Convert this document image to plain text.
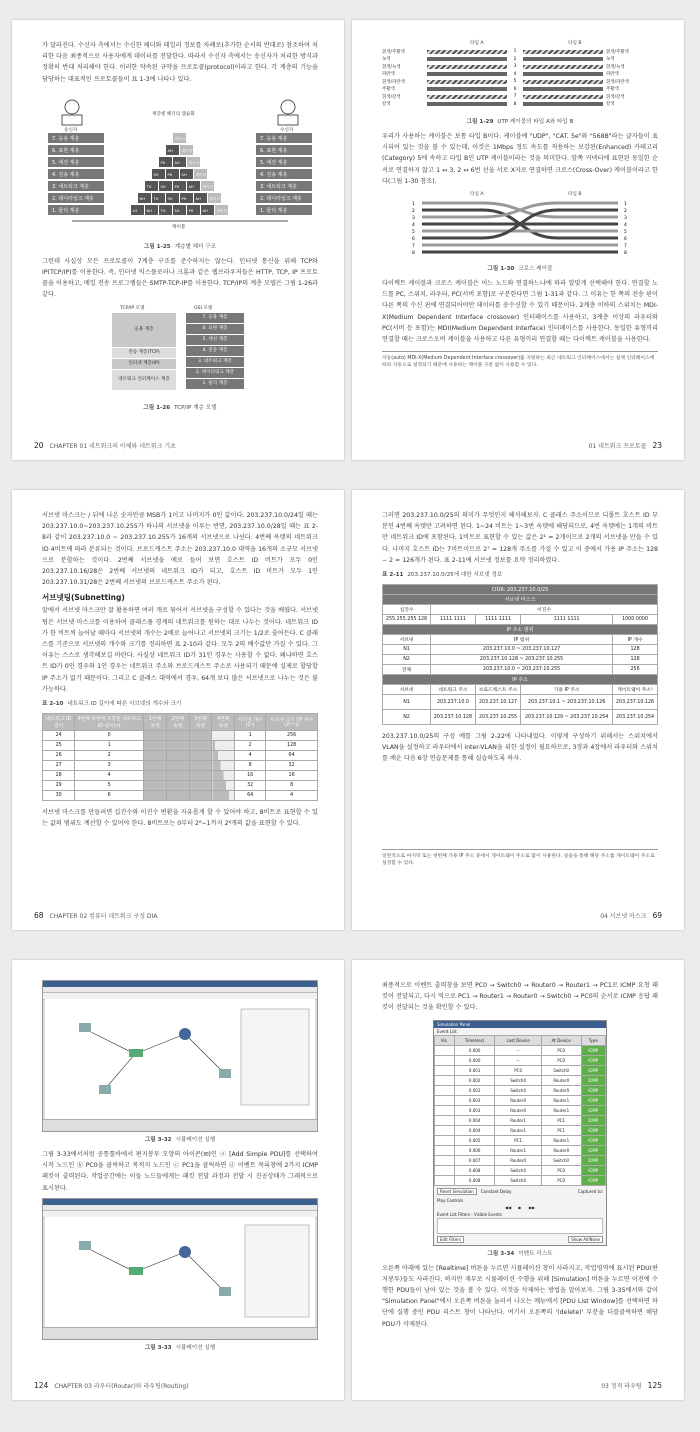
가 달라진다. 수신자 측에서는 수신한 헤더와 테일러 정보를 차례로(추가한 순서의 반대로) 참조하여 처리한 다음 최종적으로 사용자에게 데이터를 전달한다. 따라서 수신자 측에서는 송신자가 처리한 방식과 정확히 반대 처리해야 한다. 이러한 약속된 규약을 프로토콜(protocol)이라고 한다. 각 계층의 기능을 담당하는 대표적인 프로토콜들이 표 1-3에 나타나 있다.

7. 응용 계층
6. 표현 계층
5. 세션 계층
4. 전송 계층
3. 네트워크 계층
2. 데이터링크 계층
1. 물리 계층
7. 응용 계층
6. 표현 계층
5. 세션 계층
4. 전송 계층
3. 네트워크 계층
2. 데이터링크 계층
1. 물리 계층
데이터
AH 데이터
PH	AH 데이터
SH	PH	AH 데이터
TH	SH	PH	AH 데이터
NH TH	SH	PH	AH 데이터
LH	NH TH	SH	PH	AH 데이터
송신자	수신자
계층별 헤더의 캡슐화
케이블
그림 1-25 계층별 헤더 구조

그런데 사실상 모든 프로토콜이 7계층 구조를 준수하지는 않는다. 인터넷 통신을 위해 TCP와 IP(TCP/IP)를 이용한다. 즉, 인터넷 익스플로러나 크롬과 같은 웹브라우저들은 HTTP, TCP, IP 프로토콜을 이용하고, 메일 전송 프로그램들은 SMTP-TCP-IP를 이용한다. TCP/IP의 계층 모델은 그림 1-26과 같다.

TCP/IP 모델	OSI 모델
응용 계층
전송 계층(TCP)
인터넷 계층(IP)
네트워크 인터페이스 계층
7. 응용 계층
6. 표현 계층
5. 세션 계층
4. 전송 계층
3. 네트워크 계층
2. 데이터링크 계층
1. 물리 계층
그림 1-26 TCP/IP 계층 모델
20 CHAPTER 01 네트워크의 이해와 네트워크 기초
타입 A	타입 B
흰색/주황색	1	흰색/주황색
녹색	2	녹색
흰색/녹색	3	흰색/녹색
파란색	4	파란색
흰색/파란색	5	흰색/파란색
주황색	6	주황색
흰색/갈색	7	흰색/갈색
갈색	8	갈색
그림 1-29 UTP 케이블의 타입 A와 타입 B

우리가 사용하는 케이블은 보통 타입 B이다. 케이블에 "UDP", "CAT. 5e"와 "568B"라는 글자들이 표시되어 있는 것을 볼 수 있는데, 이것은 1Mbps 정도 속도를 적용하는 보강된(Enhanced) 카테고리(Category) 5에 속하고 타입 B인 UTP 케이블이라는 것을 의미한다. 앞쪽 커넥터에 표현된 동일한 순서로 연결하지 않고 1 ↔ 3, 2 ↔ 6번 선을 서로 X자로 연결하면 크로스(Cross-Over) 케이블이라고 한다(그림 1-30 참조).

타입 A	타입 B
1	1
2	2
3	3
4	4
5	5
6	6
7	7
8	8
그림 1-30 크로스 케이블

다이렉트 케이블과 크로스 케이블은 어느 노드와 연결하느냐에 따라 알맞게 선택해야 한다. 연결할 노드를 PC, 스위치, 라우터, PC(서버 포함)로 구분한다면 그림 1-31과 같다. 그 이유는 한 쪽의 전송 핀이 다른 쪽의 수신 핀에 연결되어야만 데이터를 송수신할 수 있기 때문이다. 2계층 이하의 스위치는 MDI-X(Medium Dependent Interface crossover) 인터페이스를 사용하고, 3계층 이상의 라우터와 PC(서버 등 포함)는 MDI(Medium Dependent Interface) 인터페이스를 사용한다. 동일한 유형끼리 연결할 때는 크로스오버 케이블을 사용하고 다른 유형끼리 연결할 때는 다이렉트 케이블을 사용한다.

자동(auto) MDI-X(Medium Dependent Interface crossover)를 지원하는 최근 네트워크 인터페이스에서는 실제 인터페이스에 따라 자동으로 설정되기 때문에 사용하는 케이블 구분 없이 사용할 수 있다.
01 네트워크 프로토콜 23

서브넷 마스크는 / 뒤에 나온 숫자만큼 MSB가 1이고 나머지가 0인 값이다. 203.237.10.0/24일 때는 203.237.10.0~203.237.10.255가 하나의 서브넷을 이루는 반면, 203.237.10.0/28일 때는 표 2-8과 같이 203.237.10.0 ~ 203.237.10.255가 16개의 서브넷으로 나뉜다. 4번째 옥텟의 네트워크 ID 4비트에 따라 분류되는 것이다. 브로드캐스트 주소는 203.237.10.0 대역을 16개의 소규모 서브넷으로 분할하는 것이다. 2번째 서브넷을 예로 들어 보면 호스트 ID 비트가 모두 0인 203.237.10.16/28은 2번째 서브넷의 네트워크 ID가 되고, 호스트 ID 비트가 모두 1인 203.237.10.31/28은 2번째 서브넷의 브로드캐스트 주소가 된다.

서브넷팅(Subnetting)

앞에서 서브넷 마스크만 잘 활용하면 여러 개로 묶어서 서브넷을 구성할 수 있다는 것을 배웠다. 서브넷팅은 서브넷 마스크를 이용하여 클래스풀 경계의 네트워크를 원하는 대로 나누는 것이다. 네트워크 ID가 한 비트씩 늘어날 때마다 서브넷의 개수는 2배로 늘어나고 서브넷의 크기는 1/2로 줄어든다. C 클래스를 기준으로 서브넷의 개수와 크기를 정리하면 표 2-10과 같다. 모두 2의 배수값만 가질 수 있다. 그 이유는 스스로 생각해보길 바란다. 사실상 네트워크 ID가 31인 경우는 사용할 수 없다. 왜냐하면 호스트 ID가 0인 경우와 1인 경우는 네트워크 주소와 브로드캐스트 주소로 사용되기 때문에 실제로 할당할 IP 주소가 없기 때문이다. 그리고 C 클래스 대역에서 경우, 64개 보다 많은 서브넷으로 나누는 것은 불가능하다.

표 2-10 네트워크 ID 길이에 따른 서브넷의 개수와 크기
네트워크 ID 길이	4번째 옥텟에 포함된 네트워크 ID 길이(n)	1번째 옥텟	2번째 옥텟	3번째 옥텟	4번째 옥텟	서브넷 개수(2ⁿ)	서브넷 크기 (IP 개수 (2⁸⁻ⁿ))
24	0					1	256
25	1					2	128
26	2					4	64
27	3					8	32
28	4					16	16
29	5					32	8
30	6					64	4

서브넷 마스크를 만들려면 십진수와 이진수 변환을 자유롭게 할 수 있어야 하고, 8비트로 표현할 수 있는 값의 범위도 계산할 수 있어야 한다. 8비트로는 0부터 2⁸−1까지 2⁸개의 값을 표현할 수 있다.

68 CHAPTER 02 컴퓨터 네트워크 구성 DIA

그러면 203.237.10.0/25의 의미가 무엇인지 해석해보자. C 클래스 주소이므로 디폴트 호스트 ID 부분인 4번째 옥텟만 고려하면 된다. 1~24 비트는 1~3번 옥텟에 해당되므로, 4번 옥텟에는 1개의 비트만 네트워크 ID에 포함된다. 1비트로 표현할 수 있는 값은 2¹ = 2개이므로 2개의 서브넷을 만들 수 있다. 나머지 호스트 ID는 7비트이므로 2⁷ = 128개 주소를 가질 수 있고 이 중에서 가용 IP 주소는 128 − 2 = 126개가 된다. 표 2-11에 서브넷 정보를 요약 정리하였다.

표 2-11 203.237.10.0/25에 대한 서브넷 정보
CIDR: 203.237.10.0/25				
서브넷 마스크				
십진수	이진수			
255.255.255.128	1111 1111	1111 1111	1111 1111	1000 0000
IP 주소 범위				
서브넷	IP 범위			IP 개수
N1	203.237.10.0 ~ 203.237.10.127			128
N2	203.237.10.128 ~ 203.237.10.255			128
전체	203.237.10.0 ~ 203.237.10.255			256
IP 주소				
서브넷	네트워크 주소	브로드캐스트 주소	가용 IP 주소	게이트웨이 주소¹
N1	203.237.10.0	203.237.10.127	203.237.10.1 ~ 203.237.10.126	203.237.10.126
N2	203.237.10.128	203.237.10.255	203.237.10.129 ~ 203.237.10.254	203.237.10.254

203.237.10.0/25의 구성 예를 그림 2-22에 나타내었다. 이렇게 구성하기 위해서는 스위치에서 VLAN을 설정하고 라우터에서 inter-VLAN을 위한 설정이 필요하므로, 3장과 4장에서 라우터와 스위치를 배운 다음 6장 연습문제를 통해 실습하도록 하자.

일반적으로 마지막 또는 첫번째 가용 IP 주소 중에서 게이트웨이 주소로 많이 사용한다. 실습을 통해 해당 주소를 게이트웨이 주소로 설정할 수 있다.
04 서브넷 마스크 69
그림 3-32 시뮬레이션 실행

그림 3-33에서처럼 공통툴바에서 편지봉투 모양의 아이콘(✉)인 ⓐ [Add Simple PDU]를 선택하여 시작 노드인 ⓑ PC0을 클릭하고 목적지 노드인 ⓒ PC1을 클릭하면 ⓓ 이벤트 목록창에 2가지 ICMP 패킷이 출력된다. 작업공간에는 이들 노드들에게는 패킷 전달 과정과 전달 시 진공상태가 그래픽으로 표시된다.

그림 3-33 시뮬레이션 실행
124 CHAPTER 03 라우터(Router)와 라우팅(Routing)

최종적으로 이벤트 출력창을 보면 PC0 → Switch0 → Router0 → Router1 → PC1로 ICMP 요청 패킷이 전달되고, 다시 역으로 PC1 → Router1 → Router0 → Switch0 → PC0의 순서로 ICMP 응답 패킷이 전달되는 것을 확인할 수 있다.

Simulation Panel
Event List
Vis.	Time(sec)	Last Device	At Device	Type
	0.000	--	PC0	ICMP
	0.000	--	PC0	ICMP
	0.001	PC0	Switch0	ICMP
	0.002	Switch0	Router0	ICMP
	0.002	Switch0	Router0	ICMP
	0.003	Router0	Router1	ICMP
	0.003	Router0	Router1	ICMP
	0.004	Router1	PC1	ICMP
	0.004	Router1	PC1	ICMP
	0.005	PC1	Router1	ICMP
	0.006	Router1	Router0	ICMP
	0.007	Router0	Switch0	ICMP
	0.008	Switch0	PC0	ICMP
	0.008	Switch0	PC0	ICMP
Reset Simulation	Constant Delay	Captured to:
Play Controls
◀◀ ▶ ▶▶
Event List Filters - Visible Events
Edit Filters	Show All/None
그림 3-34 이벤트 리스트

오른쪽 아래에 있는 [Realtime] 버튼을 누르면 시뮬레이션 창이 사라지고, 작업영역에 표시된 PDU(편지봉투)들도 사라진다. 하지만 재부로 시뮬레이션 수행을 위해 [Simulation] 버튼을 누르면 이전에 수행한 PDU들이 남아 있는 것을 볼 수 있다. 이것을 삭제하는 방법을 알아보자. 그림 3-35에서와 같이 "Simulation Panel"에서 오른쪽 버튼을 눌러서 나오는 메뉴에서 [PDU List Window]를 선택하면 하단에 실행 중인 PDU 리스트 창이 나타난다. 여기서 오른쪽의 '(delete)' 부분을 더블클릭하면 해당 PDU가 삭제된다.

03 정적 라우팅 125
